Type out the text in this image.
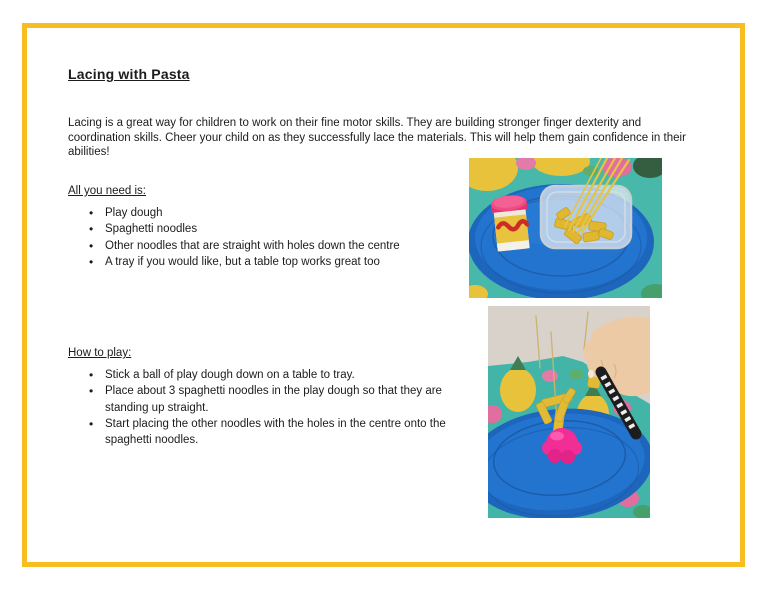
Lacing with Pasta
Lacing is a great way for children to work on their fine motor skills. They are building stronger finger dexterity and
coordination skills. Cheer your child on as they successfully lace the materials. This will help them gain confidence in their
abilities!
All you need is:
• Play dough
• Spaghetti noodles
• Other noodles that are straight with holes down the centre
• A tray if you would like, but a table top works great too
How to play:
• Stick a ball of play dough down on a table to tray.
• Place about 3 spaghetti noodles in the play dough so that they are standing up straight.
• Start placing the other noodles with the holes in the centre onto the spaghetti noodles.
